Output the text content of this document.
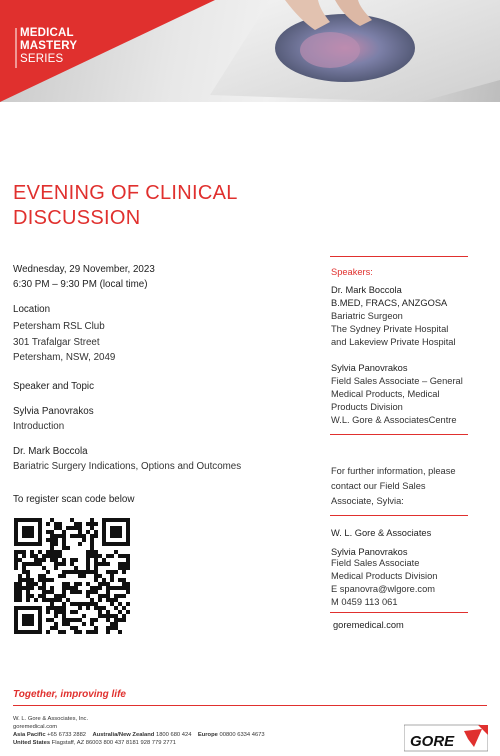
MEDICAL
MASTERY
SERIES
EVENING OF CLINICAL
DISCUSSION
Wednesday, 29 November, 2023
6:30 PM – 9:30 PM (local time)
Location
Petersham RSL Club
301 Trafalgar Street
Petersham, NSW, 2049
Speaker and Topic
Sylvia Panovrakos
Introduction
Dr. Mark Boccola
Bariatric Surgery Indications, Options and Outcomes
To register scan code below
Speakers:
Dr. Mark Boccola
B.MED, FRACS, ANZGOSA
Bariatric Surgeon
The Sydney Private Hospital
and Lakeview Private Hospital
Sylvia Panovrakos
Field Sales Associate – General
Medical Products, Medical
Products Division
W.L. Gore & AssociatesCentre
For further information, please
contact our Field Sales
Associate, Sylvia:
W. L. Gore & Associates
Sylvia Panovrakos
Field Sales Associate
Medical Products Division
E spanovra@wlgore.com
M 0459 113 061
goremedical.com
Together, improving life
W. L. Gore & Associates, Inc.
goremedical.com
Asia Pacific +65 6733 2882 Australia/New Zealand 1800 680 424 Europe 00800 6334 4673
United States Flagstaff, AZ 86003 800 437 8181 928 779 2771	GORE
